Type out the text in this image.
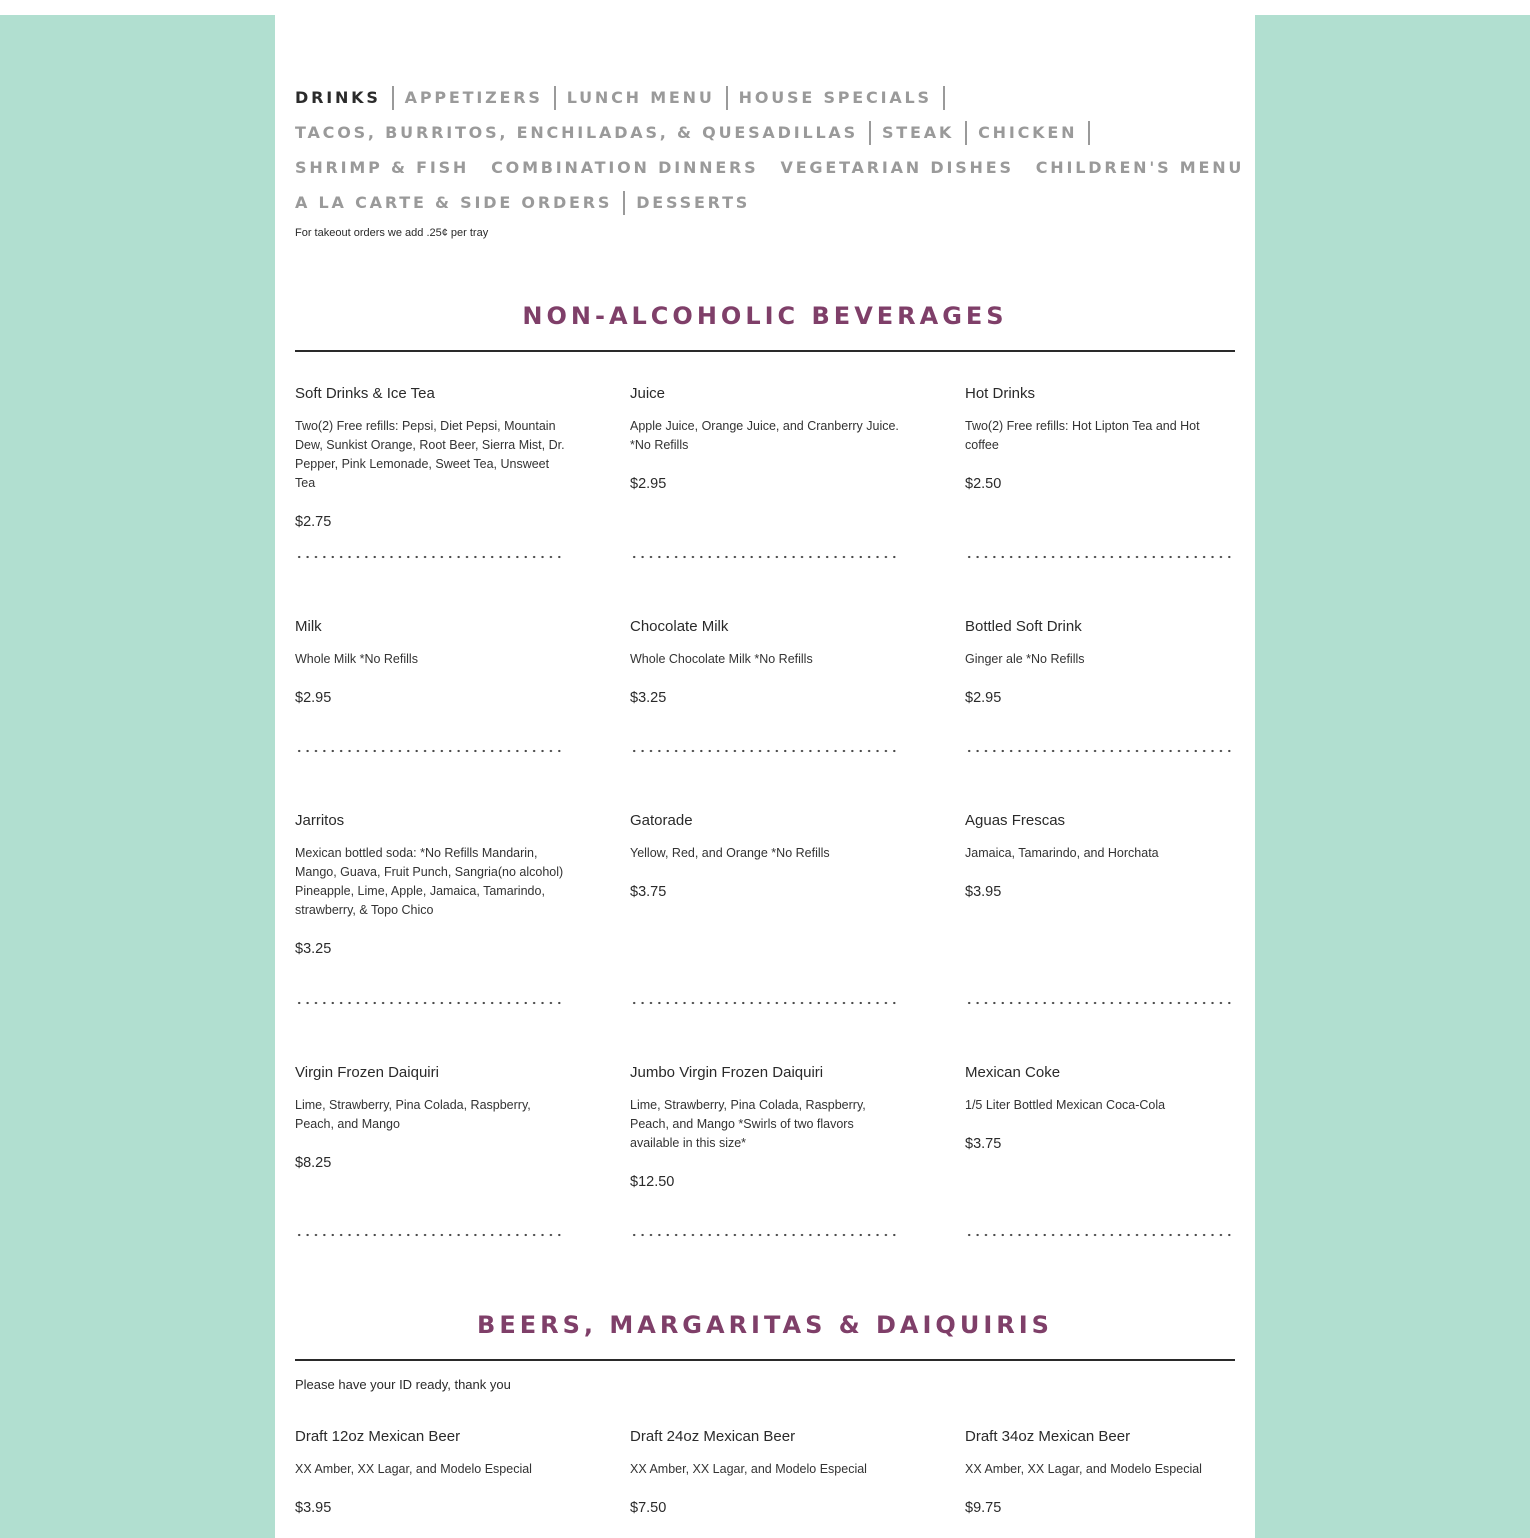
DRINKS APPETIZERS LUNCH MENU HOUSE SPECIALS
TACOS, BURRITOS, ENCHILADAS, & QUESADILLAS STEAK CHICKEN
SHRIMP & FISH COMBINATION DINNERS VEGETARIAN DISHES CHILDREN'S MENU
A LA CARTE & SIDE ORDERS DESSERTS
For takeout orders we add .25¢ per tray
NON-ALCOHOLIC BEVERAGES
BEERS, MARGARITAS & DAIQUIRIS
Please have your ID ready, thank you
Soft Drinks & Ice Tea
Two(2) Free refills: Pepsi, Diet Pepsi, Mountain Dew, Sunkist Orange, Root Beer, Sierra Mist, Dr. Pepper, Pink Lemonade, Sweet Tea, Unsweet Tea
$2.75
Juice
Apple Juice, Orange Juice, and Cranberry Juice. *No Refills
$2.95
Hot Drinks
Two(2) Free refills: Hot Lipton Tea and Hot coffee
$2.50
Milk
Whole Milk *No Refills
$2.95
Chocolate Milk
Whole Chocolate Milk *No Refills
$3.25
Bottled Soft Drink
Ginger ale *No Refills
$2.95
Jarritos
Mexican bottled soda: *No Refills Mandarin, Mango, Guava, Fruit Punch, Sangria(no alcohol) Pineapple, Lime, Apple, Jamaica, Tamarindo, strawberry, & Topo Chico
$3.25
Gatorade
Yellow, Red, and Orange *No Refills
$3.75
Aguas Frescas
Jamaica, Tamarindo, and Horchata
$3.95
Virgin Frozen Daiquiri
Lime, Strawberry, Pina Colada, Raspberry, Peach, and Mango
$8.25
Jumbo Virgin Frozen Daiquiri
Lime, Strawberry, Pina Colada, Raspberry, Peach, and Mango *Swirls of two flavors available in this size*
$12.50
Mexican Coke
1/5 Liter Bottled Mexican Coca-Cola
$3.75
Draft 12oz Mexican Beer
XX Amber, XX Lagar, and Modelo Especial
$3.95
Draft 24oz Mexican Beer
XX Amber, XX Lagar, and Modelo Especial
$7.50
Draft 34oz Mexican Beer
XX Amber, XX Lagar, and Modelo Especial
$9.75
